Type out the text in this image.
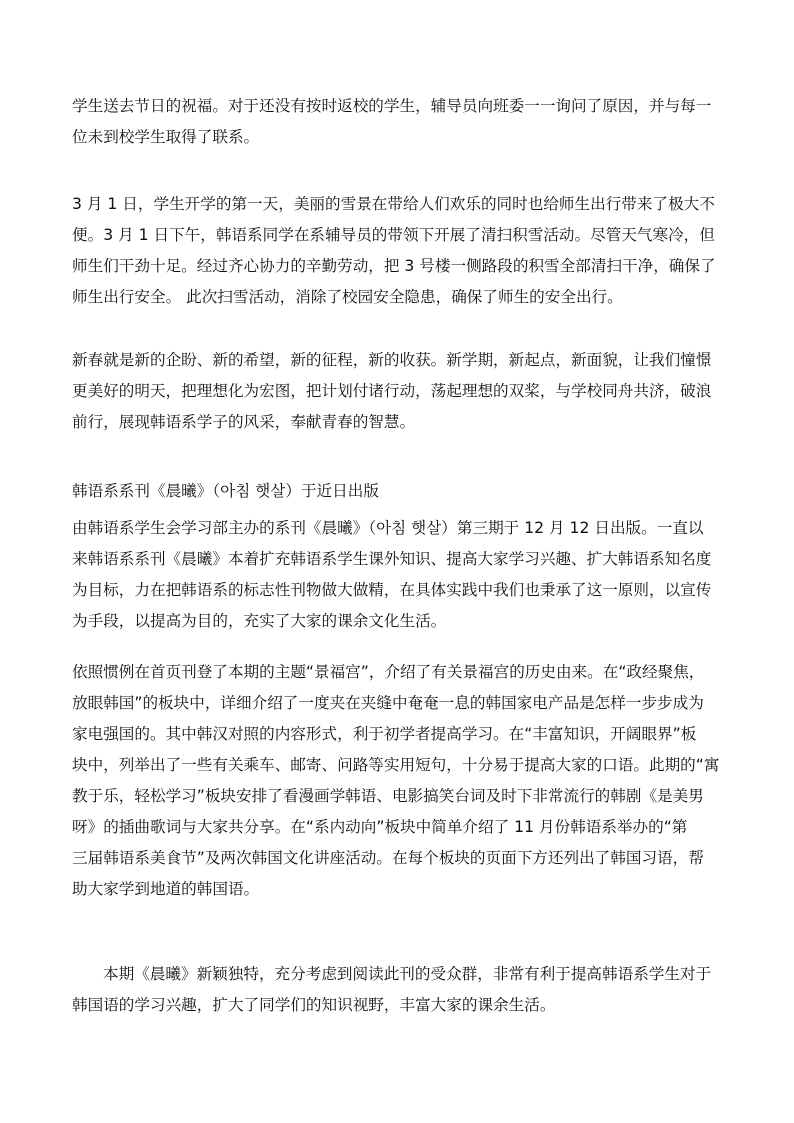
学生送去节日的祝福。对于还没有按时返校的学生，辅导员向班委一一询问了原因，并与每一
位未到校学生取得了联系。
3 月 1 日，学生开学的第一天，美丽的雪景在带给人们欢乐的同时也给师生出行带来了极大不
便。3 月 1 日下午，韩语系同学在系辅导员的带领下开展了清扫积雪活动。尽管天气寒冷，但
师生们干劲十足。经过齐心协力的辛勤劳动，把 3 号楼一侧路段的积雪全部清扫干净，确保了
师生出行安全。 此次扫雪活动，消除了校园安全隐患，确保了师生的安全出行。
新春就是新的企盼、新的希望，新的征程，新的收获。新学期，新起点，新面貌，让我们憧憬
更美好的明天，把理想化为宏图，把计划付诸行动，荡起理想的双桨，与学校同舟共济，破浪
前行，展现韩语系学子的风采，奉献青春的智慧。
韩语系系刊《晨曦》（아침 햇살）于近日出版
由韩语系学生会学习部主办的系刊《晨曦》（아침 햇살）第三期于 12 月 12 日出版。一直以
来韩语系系刊《晨曦》本着扩充韩语系学生课外知识、提高大家学习兴趣、扩大韩语系知名度
为目标，力在把韩语系的标志性刊物做大做精，在具体实践中我们也秉承了这一原则，以宣传
为手段，以提高为目的，充实了大家的课余文化生活。
依照惯例在首页刊登了本期的主题“景福宫”，介绍了有关景福宫的历史由来。在“政经聚焦，
放眼韩国”的板块中，详细介绍了一度夹在夹缝中奄奄一息的韩国家电产品是怎样一步步成为
家电强国的。其中韩汉对照的内容形式，利于初学者提高学习。在“丰富知识，开阔眼界”板
块中，列举出了一些有关乘车、邮寄、问路等实用短句，十分易于提高大家的口语。此期的“寓
教于乐，轻松学习”板块安排了看漫画学韩语、电影搞笑台词及时下非常流行的韩剧《是美男
呀》的插曲歌词与大家共分享。在“系内动向”板块中简单介绍了 11 月份韩语系举办的“第
三届韩语系美食节”及两次韩国文化讲座活动。在每个板块的页面下方还列出了韩国习语，帮
助大家学到地道的韩国语。
本期《晨曦》新颖独特，充分考虑到阅读此刊的受众群，非常有利于提高韩语系学生对于
韩国语的学习兴趣，扩大了同学们的知识视野，丰富大家的课余生活。
